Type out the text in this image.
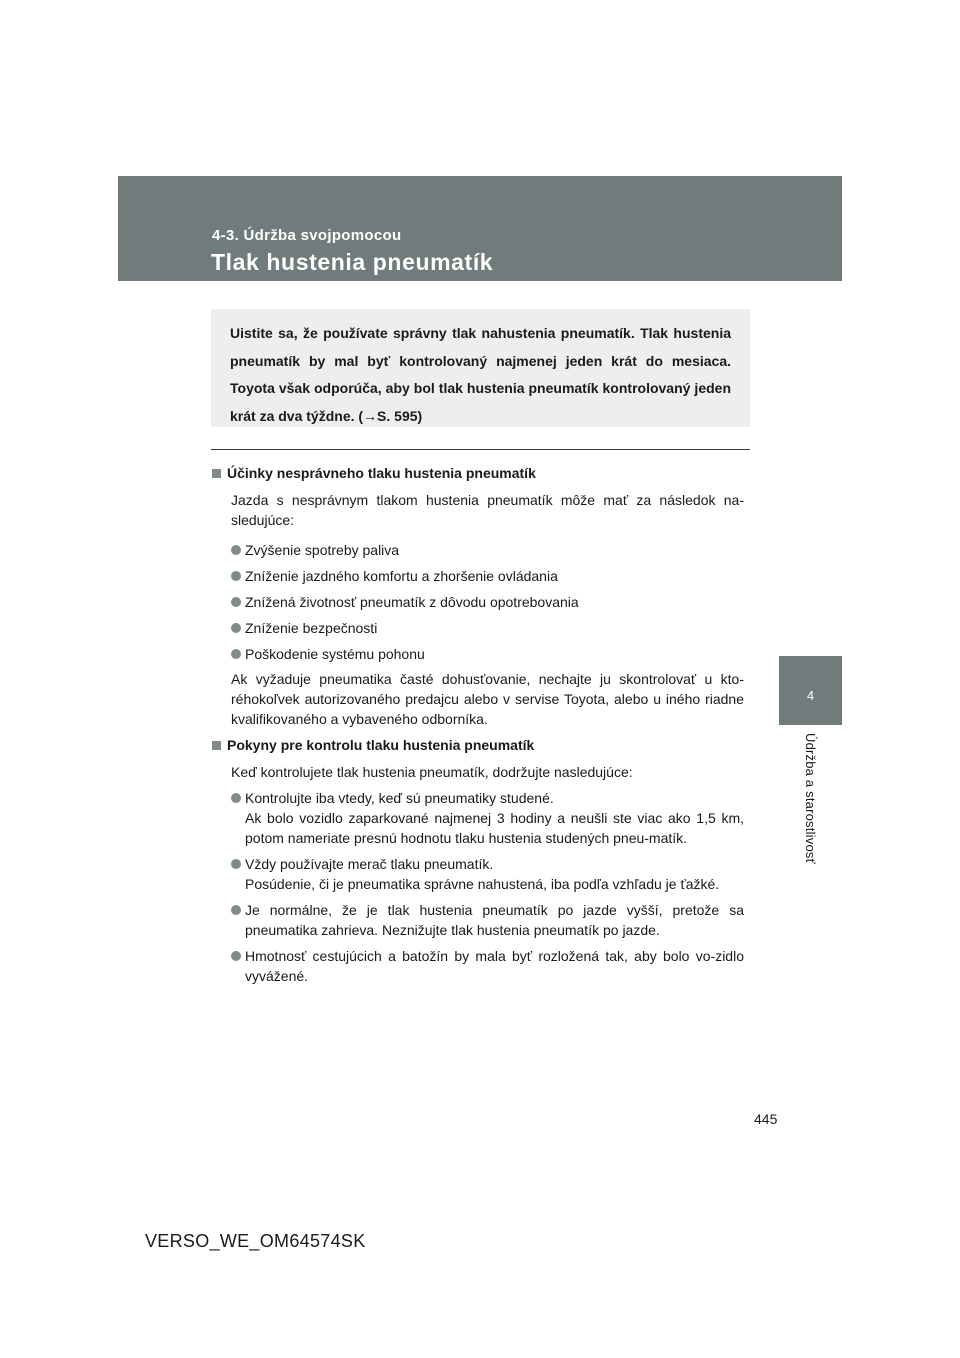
4-3. Údržba svojpomocou
Tlak hustenia pneumatík
4
Údržba a starostlivosť

Uistite sa, že používate správny tlak nahustenia pneumatík. Tlak hustenia pneumatík by mal byť kontrolovaný najmenej jeden krát do mesiaca. Toyota však odporúča, aby bol tlak hustenia pneumatík kontrolovaný jeden krát za dva týždne. (→S. 595)

Účinky nesprávneho tlaku hustenia pneumatík

Jazda s nesprávnym tlakom hustenia pneumatík môže mať za následok na-sledujúce:

Zvýšenie spotreby paliva
Zníženie jazdného komfortu a zhoršenie ovládania
Znížená životnosť pneumatík z dôvodu opotrebovania
Zníženie bezpečnosti
Poškodenie systému pohonu

Ak vyžaduje pneumatika časté dohusťovanie, nechajte ju skontrolovať u kto-réhokoľvek autorizovaného predajcu alebo v servise Toyota, alebo u iného riadne kvalifikovaného a vybaveného odborníka.

Pokyny pre kontrolu tlaku hustenia pneumatík

Keď kontrolujete tlak hustenia pneumatík, dodržujte nasledujúce:

Kontrolujte iba vtedy, keď sú pneumatiky studené.
Ak bolo vozidlo zaparkované najmenej 3 hodiny a neušli ste viac ako 1,5 km, potom nameriate presnú hodnotu tlaku hustenia studených pneu-matík.
Vždy používajte merač tlaku pneumatík.
Posúdenie, či je pneumatika správne nahustená, iba podľa vzhľadu je ťažké.
Je normálne, že je tlak hustenia pneumatík po jazde vyšší, pretože sa pneumatika zahrieva. Neznižujte tlak hustenia pneumatík po jazde.
Hmotnosť cestujúcich a batožín by mala byť rozložená tak, aby bolo vo-zidlo vyvážené.
445
VERSO_WE_OM64574SK
